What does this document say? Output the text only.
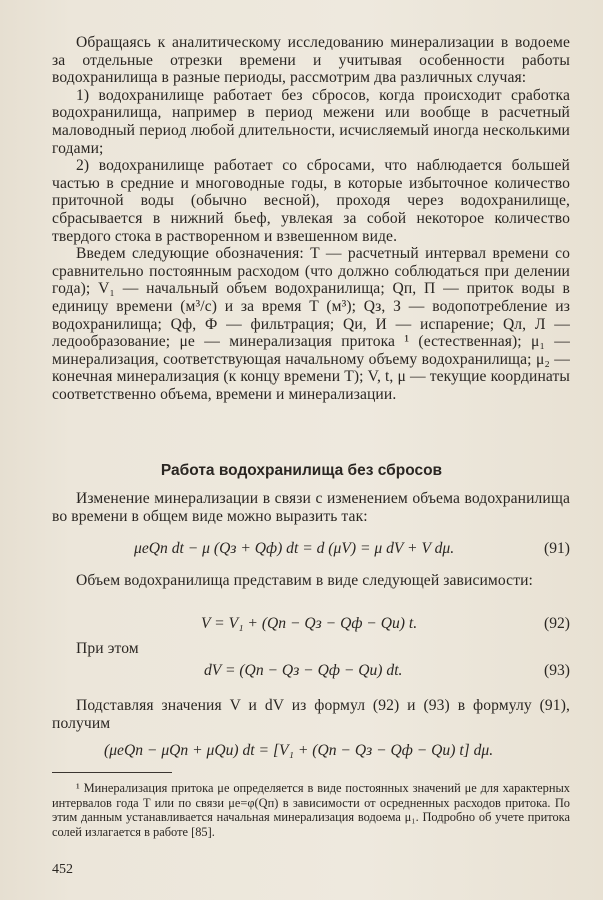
Обращаясь к аналитическому исследованию минерализации в водоеме за отдельные отрезки времени и учитывая особенности работы водохранилища в разные периоды, рассмотрим два различных случая:

1) водохранилище работает без сбросов, когда происходит сработка водохранилища, например в период межени или вообще в расчетный маловодный период любой длительности, исчисляемый иногда несколькими годами;

2) водохранилище работает со сбросами, что наблюдается большей частью в средние и многоводные годы, в которые избыточное количество приточной воды (обычно весной), проходя через водохранилище, сбрасывается в нижний бьеф, увлекая за собой некоторое количество твердого стока в растворенном и взвешенном виде.

Введем следующие обозначения: T — расчетный интервал времени со сравнительно постоянным расходом (что должно соблюдаться при делении года); V₁ — начальный объем водохранилища; Qп, П — приток воды в единицу времени (м³/с) и за время T (м³); Qз, З — водопотребление из водохранилища; Qф, Ф — фильтрация; Qи, И — испарение; Qл, Л — ледообразование; μе — минерализация притока ¹ (естественная); μ₁ — минерализация, соответствующая начальному объему водохранилища; μ₂ — конечная минерализация (к концу времени T); V, t, μ — текущие координаты соответственно объема, времени и минерализации.

Работа водохранилища без сбросов

Изменение минерализации в связи с изменением объема водохранилища во времени в общем виде можно выразить так:

μеQп dt − μ (Qз + Qф) dt = d (μV) = μ dV + V dμ.	(91)

Объем водохранилища представим в виде следующей зависимости:

V = V₁ + (Qп − Qз − Qф − Qи) t.	(92)

При этом

dV = (Qп − Qз − Qф − Qи) dt.	(93)

Подставляя значения V и dV из формул (92) и (93) в формулу (91), получим

(μеQп − μQп + μQи) dt = [V₁ + (Qп − Qз − Qф − Qи) t] dμ.

¹ Минерализация притока μе определяется в виде постоянных значений μе для характерных интервалов года T или по связи μе=φ(Qп) в зависимости от осредненных расходов притока. По этим данным устанавливается начальная минерализация водоема μ₁. Подробно об учете притока солей излагается в работе [85].

452
